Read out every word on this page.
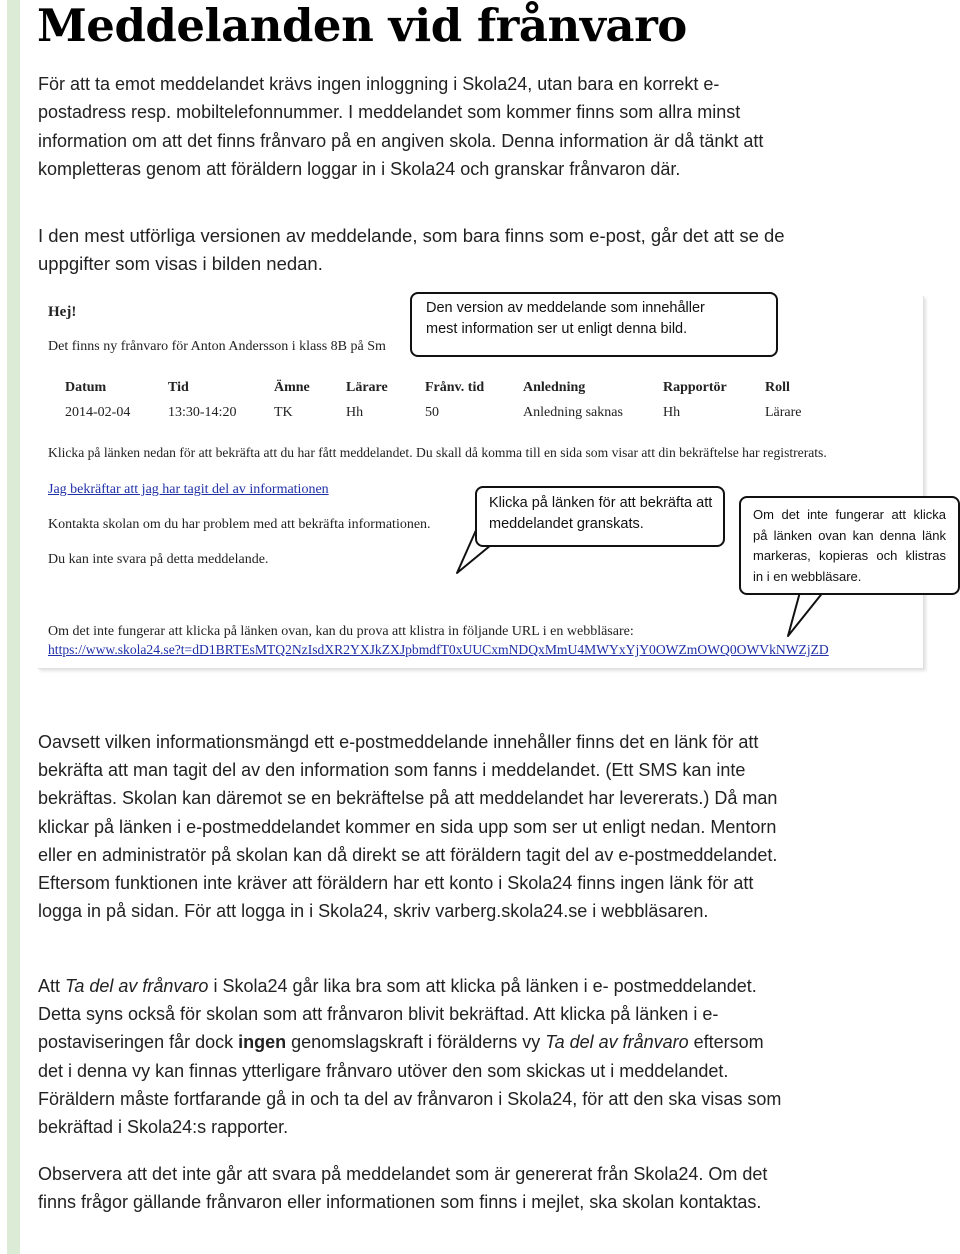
Meddelanden vid frånvaro
För att ta emot meddelandet krävs ingen inloggning i Skola24, utan bara en korrekt e-
postadress resp. mobiltelefonnummer. I meddelandet som kommer finns som allra minst
information om att det finns frånvaro på en angiven skola. Denna information är då tänkt att
kompletteras genom att föräldern loggar in i Skola24 och granskar frånvaron där.
I den mest utförliga versionen av meddelande, som bara finns som e-post, går det att se de
uppgifter som visas i bilden nedan.
Hej!
Det finns ny frånvaro för Anton Andersson i klass 8B på Sm
Datum	Tid	Ämne	Lärare	Frånv. tid	Anledning	Rapportör	Roll
2014-02-04	13:30-14:20	TK	Hh	50	Anledning saknas	Hh	Lärare
Klicka på länken nedan för att bekräfta att du har fått meddelandet. Du skall då komma till en sida som visar att din bekräftelse har registrerats.
Jag bekräftar att jag har tagit del av informationen
Kontakta skolan om du har problem med att bekräfta informationen.
Du kan inte svara på detta meddelande.
Om det inte fungerar att klicka på länken ovan, kan du prova att klistra in följande URL i en webbläsare:
https://www.skola24.se?t=dD1BRTEsMTQ2NzIsdXR2YXJkZXJpbmdfT0xUUCxmNDQxMmU4MWYxYjY0OWZmOWQ0OWVkNWZjZD
Den version av meddelande som innehåller
mest information ser ut enligt denna bild.
Klicka på länken för att bekräfta att
meddelandet granskats.
Om det inte fungerar att klicka
på länken ovan kan denna länk
markeras, kopieras och klistras
in i en webbläsare.
Oavsett vilken informationsmängd ett e-postmeddelande innehåller finns det en länk för att
bekräfta att man tagit del av den information som fanns i meddelandet. (Ett SMS kan inte
bekräftas. Skolan kan däremot se en bekräftelse på att meddelandet har levererats.) Då man
klickar på länken i e-postmeddelandet kommer en sida upp som ser ut enligt nedan. Mentorn
eller en administratör på skolan kan då direkt se att föräldern tagit del av e-postmeddelandet.
Eftersom funktionen inte kräver att föräldern har ett konto i Skola24 finns ingen länk för att
logga in på sidan. För att logga in i Skola24, skriv varberg.skola24.se i webbläsaren.
Att Ta del av frånvaro i Skola24 går lika bra som att klicka på länken i e- postmeddelandet.
Detta syns också för skolan som att frånvaron blivit bekräftad. Att klicka på länken i e-
postaviseringen får dock ingen genomslagskraft i förälderns vy Ta del av frånvaro eftersom
det i denna vy kan finnas ytterligare frånvaro utöver den som skickas ut i meddelandet.
Föräldern måste fortfarande gå in och ta del av frånvaron i Skola24, för att den ska visas som
bekräftad i Skola24:s rapporter.
Observera att det inte går att svara på meddelandet som är genererat från Skola24. Om det
finns frågor gällande frånvaron eller informationen som finns i mejlet, ska skolan kontaktas.
